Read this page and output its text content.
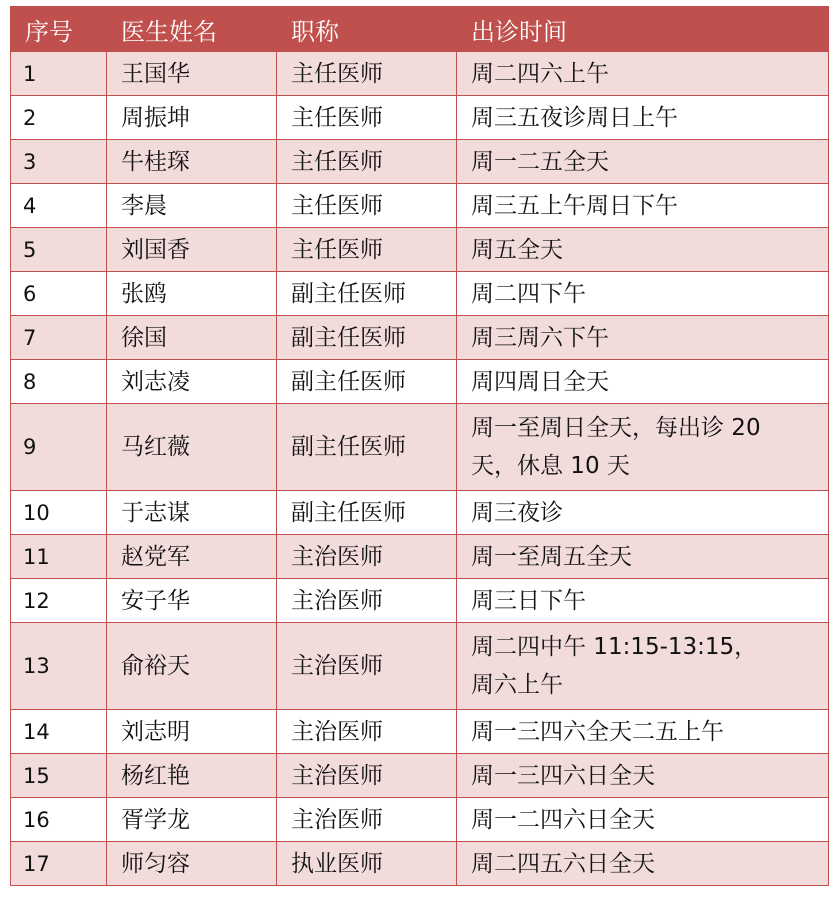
序号	医生姓名	职称	出诊时间
1	王国华	主任医师	周二四六上午

2	周振坤	主任医师	周三五夜诊周日上午

3	牛桂琛	主任医师	周一二五全天

4	李晨	主任医师	周三五上午周日下午

5	刘国香	主任医师	周五全天

6	张鸥	副主任医师	周二四下午

7	徐国	副主任医师	周三周六下午

8	刘志凌	副主任医师	周四周日全天

9	马红薇	副主任医师	周一至周日全天，每出诊 20
天，休息 10 天

10	于志谋	副主任医师	周三夜诊

11	赵党军	主治医师	周一至周五全天

12	安子华	主治医师	周三日下午

13	俞裕天	主治医师	周二四中午 11:15-13:15，
周六上午

14	刘志明	主治医师	周一三四六全天二五上午

15	杨红艳	主治医师	周一三四六日全天

16	胥学龙	主治医师	周一二四六日全天

17	师匀容	执业医师	周二四五六日全天
